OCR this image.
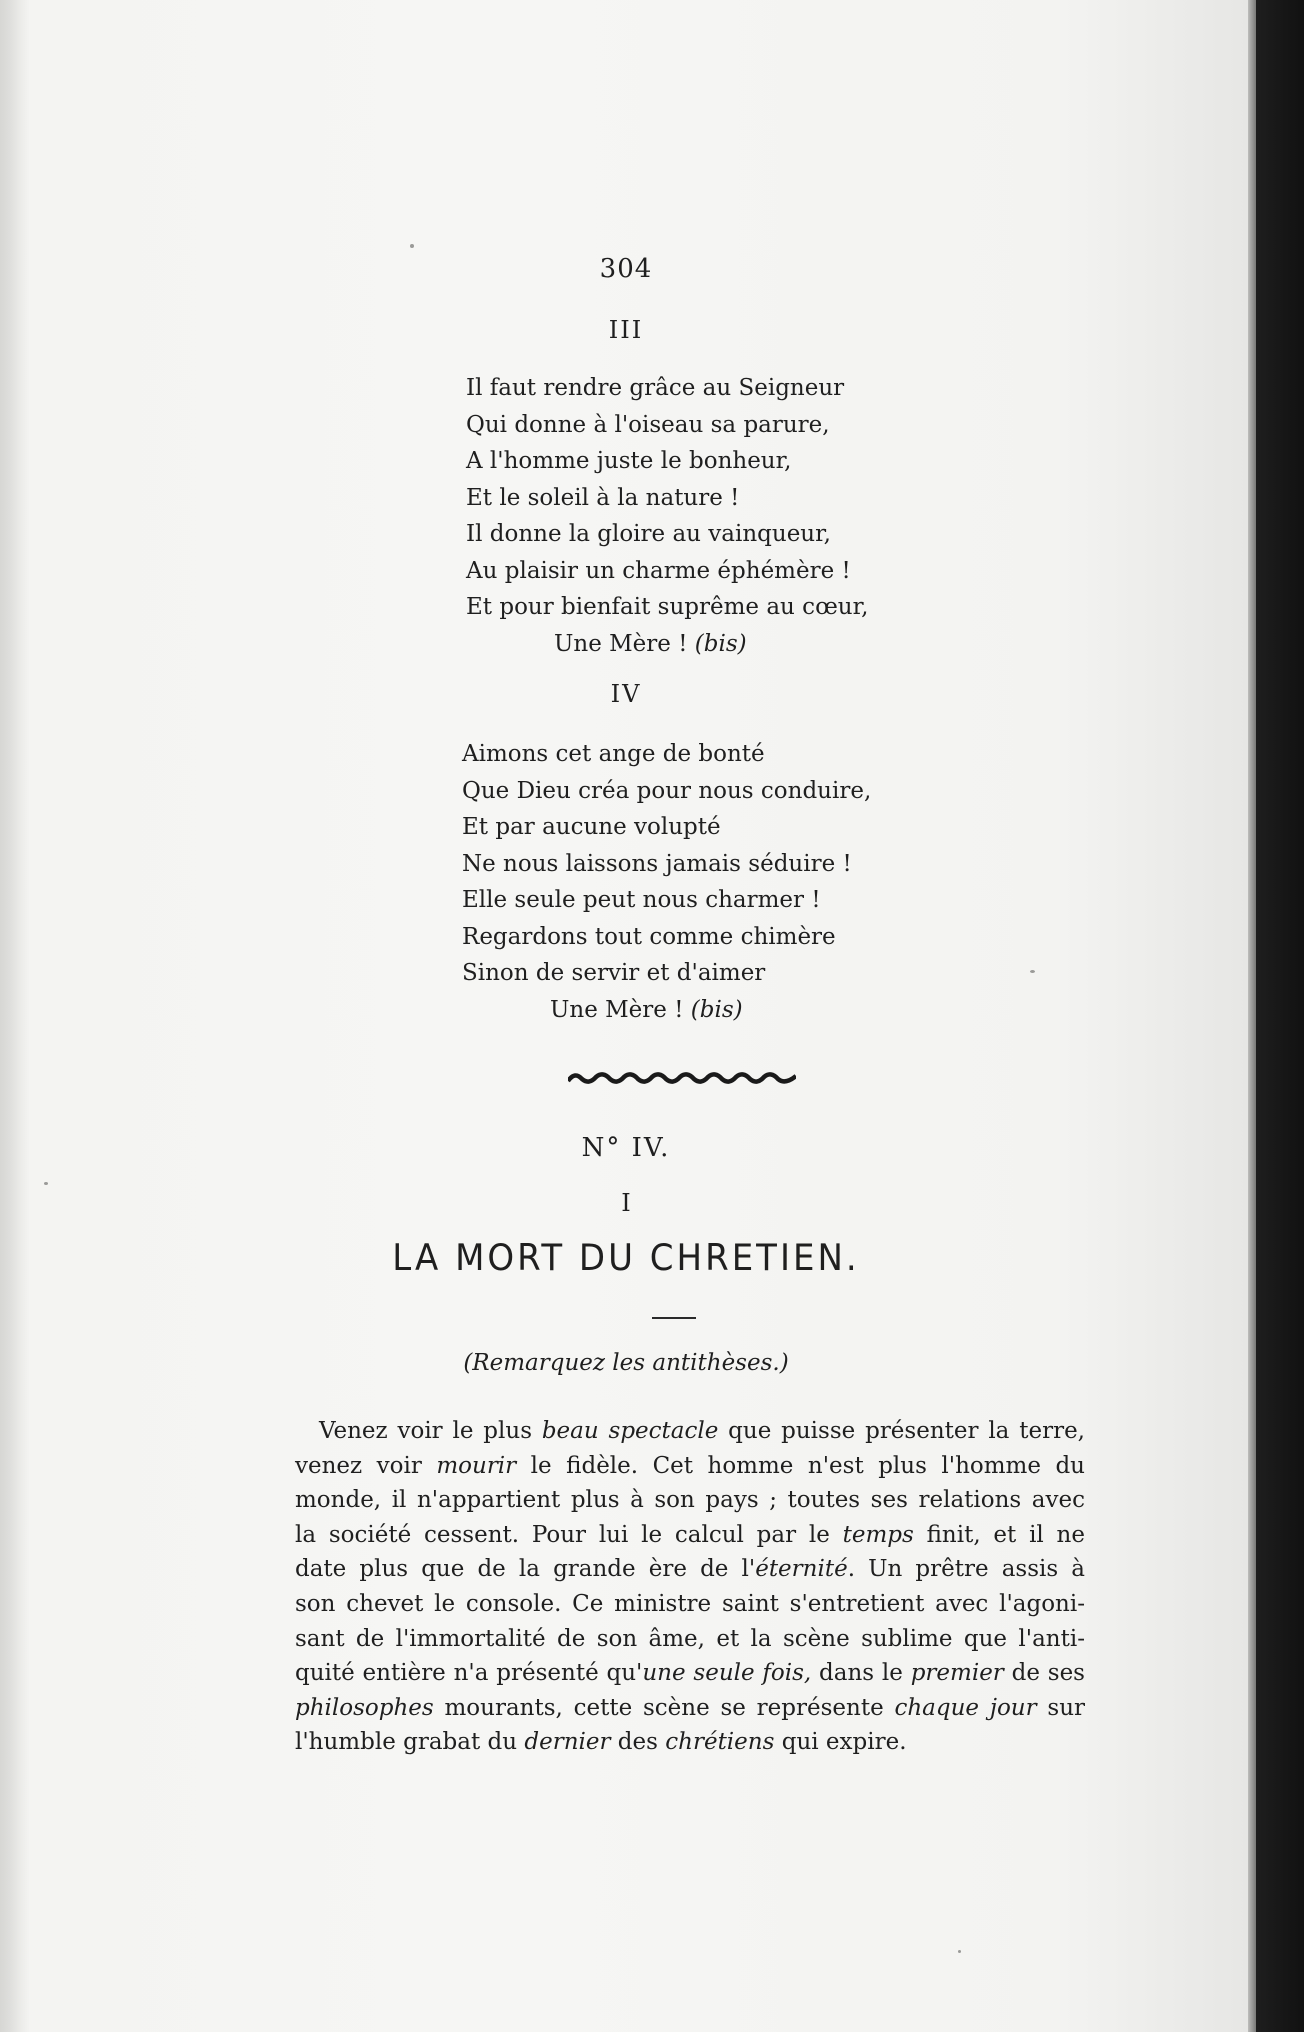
304
III
Il faut rendre grâce au Seigneur
Qui donne à l'oiseau sa parure,
A l'homme juste le bonheur,
Et le soleil à la nature !
Il donne la gloire au vainqueur,
Au plaisir un charme éphémère !
Et pour bienfait suprême au cœur,
Une Mère ! (bis)
IV
Aimons cet ange de bonté
Que Dieu créa pour nous conduire,
Et par aucune volupté
Ne nous laissons jamais séduire !
Elle seule peut nous charmer !
Regardons tout comme chimère
Sinon de servir et d'aimer
Une Mère ! (bis)
N° IV.
I
LA MORT DU CHRETIEN.
(Remarquez les antithèses.)
Venez voir le plus beau spectacle que puisse présenter la terre,
venez voir mourir le fidèle. Cet homme n'est plus l'homme du
monde, il n'appartient plus à son pays ; toutes ses relations avec
la société cessent. Pour lui le calcul par le temps finit, et il ne
date plus que de la grande ère de l'éternité. Un prêtre assis à
son chevet le console. Ce ministre saint s'entretient avec l'agoni-
sant de l'immortalité de son âme, et la scène sublime que l'anti-
quité entière n'a présenté qu'une seule fois, dans le premier de ses
philosophes mourants, cette scène se représente chaque jour sur
l'humble grabat du dernier des chrétiens qui expire.
